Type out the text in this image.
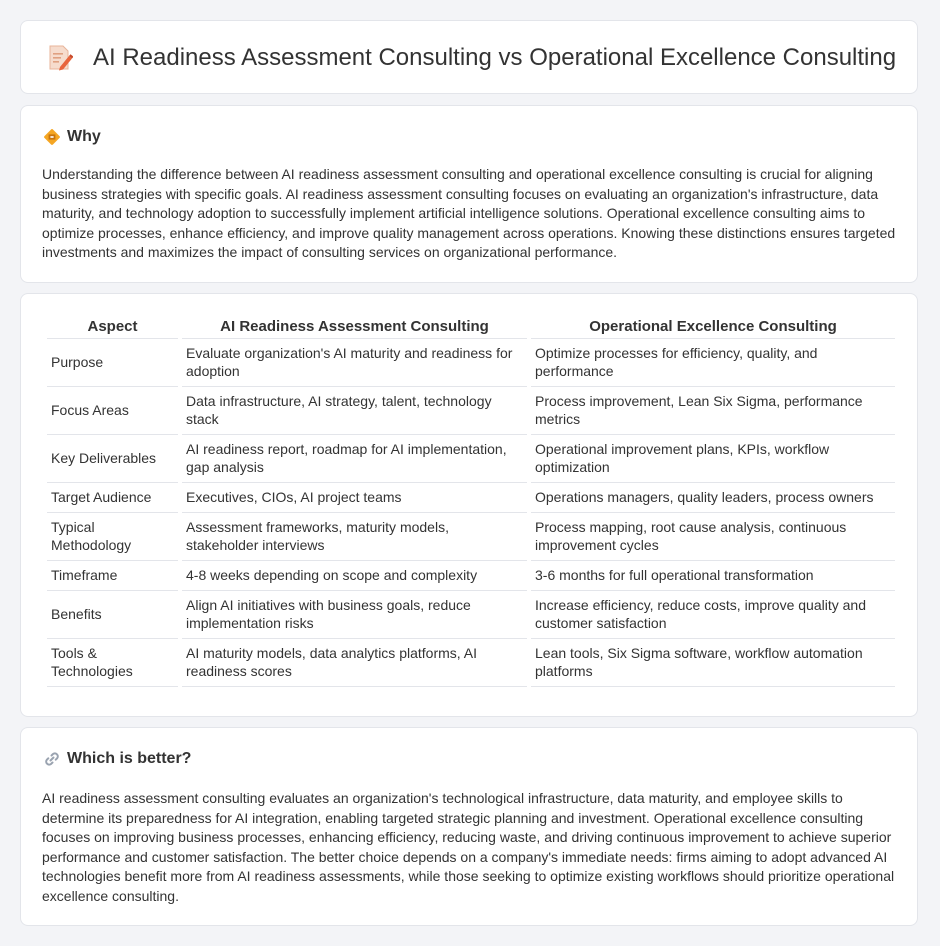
AI Readiness Assessment Consulting vs Operational Excellence Consulting
Why

Understanding the difference between AI readiness assessment consulting and operational excellence consulting is crucial for aligning business strategies with specific goals. AI readiness assessment consulting focuses on evaluating an organization's infrastructure, data maturity, and technology adoption to successfully implement artificial intelligence solutions. Operational excellence consulting aims to optimize processes, enhance efficiency, and improve quality management across operations. Knowing these distinctions ensures targeted investments and maximizes the impact of consulting services on organizational performance.

Aspect	AI Readiness Assessment Consulting	Operational Excellence Consulting
Purpose	Evaluate organization's AI maturity and readiness for adoption	Optimize processes for efficiency, quality, and performance
Focus Areas	Data infrastructure, AI strategy, talent, technology stack	Process improvement, Lean Six Sigma, performance metrics
Key Deliverables	AI readiness report, roadmap for AI implementation, gap analysis	Operational improvement plans, KPIs, workflow optimization
Target Audience	Executives, CIOs, AI project teams	Operations managers, quality leaders, process owners
Typical Methodology	Assessment frameworks, maturity models, stakeholder interviews	Process mapping, root cause analysis, continuous improvement cycles
Timeframe	4-8 weeks depending on scope and complexity	3-6 months for full operational transformation
Benefits	Align AI initiatives with business goals, reduce implementation risks	Increase efficiency, reduce costs, improve quality and customer satisfaction
Tools & Technologies	AI maturity models, data analytics platforms, AI readiness scores	Lean tools, Six Sigma software, workflow automation platforms
Which is better?

AI readiness assessment consulting evaluates an organization's technological infrastructure, data maturity, and employee skills to determine its preparedness for AI integration, enabling targeted strategic planning and investment. Operational excellence consulting focuses on improving business processes, enhancing efficiency, reducing waste, and driving continuous improvement to achieve superior performance and customer satisfaction. The better choice depends on a company's immediate needs: firms aiming to adopt advanced AI technologies benefit more from AI readiness assessments, while those seeking to optimize existing workflows should prioritize operational excellence consulting.
